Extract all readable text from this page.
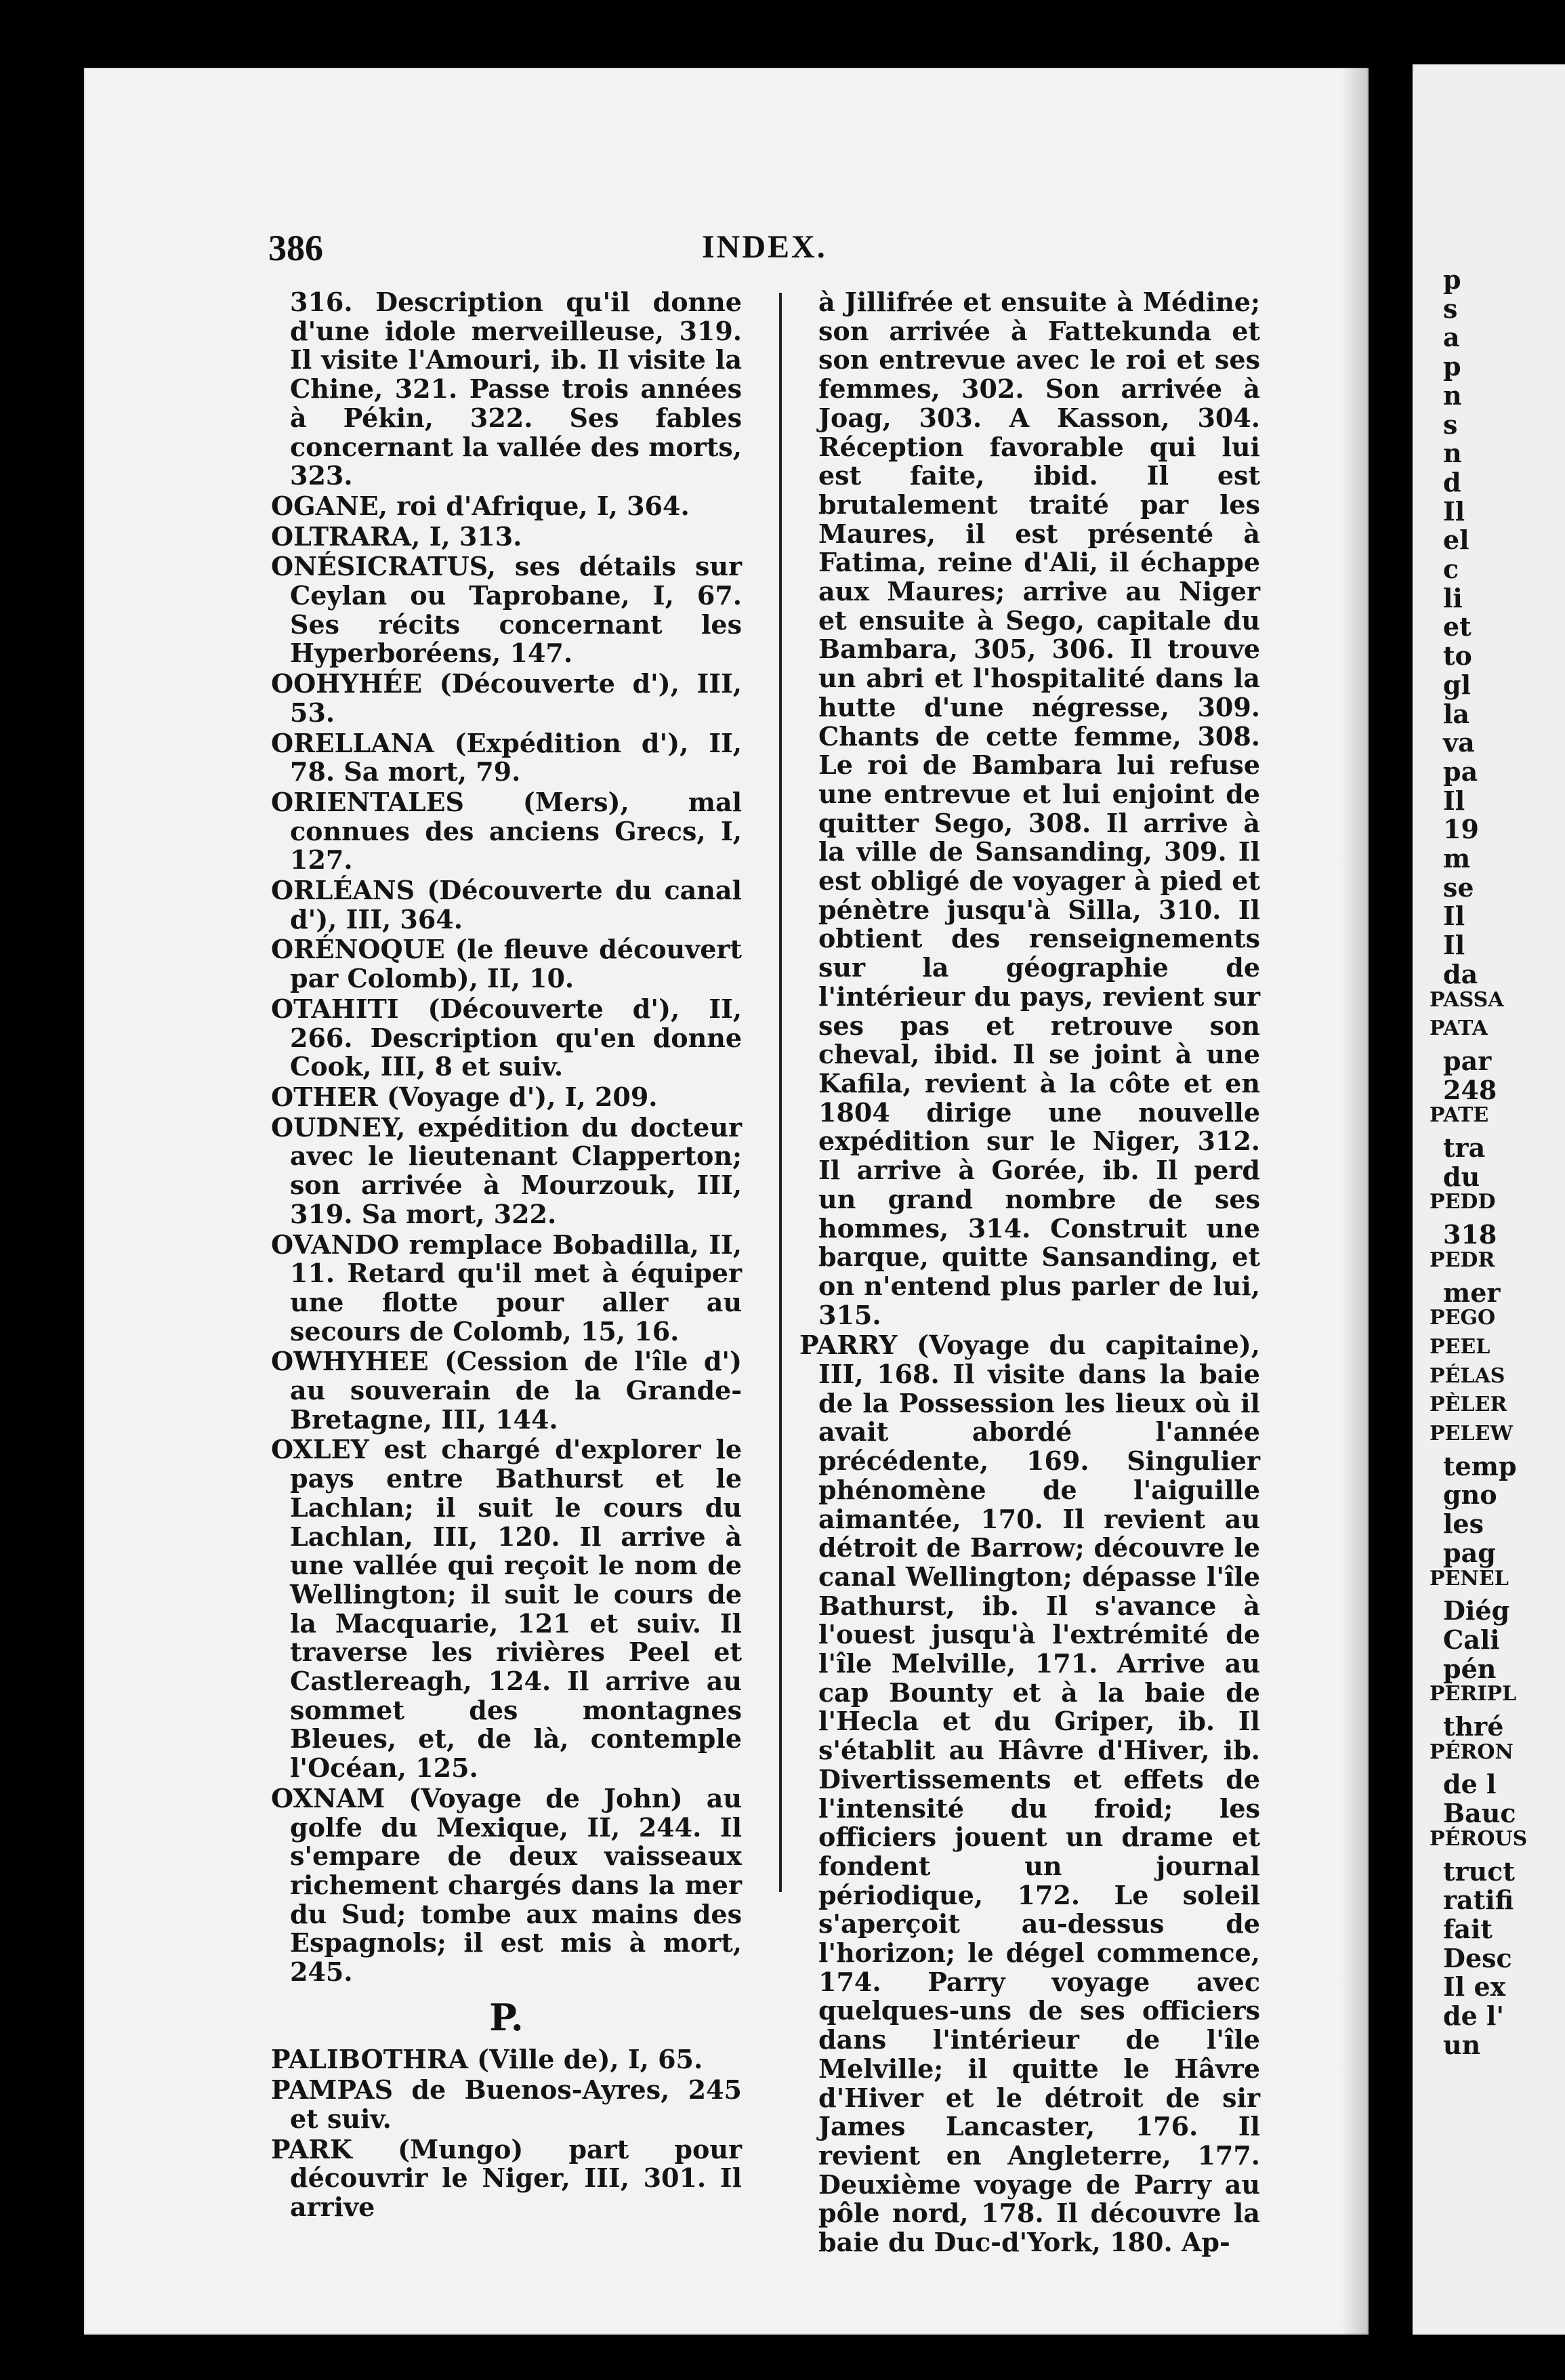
386	INDEX.

316. Description qu'il donne d'une idole merveilleuse, 319. Il visite l'Amouri, ib. Il visite la Chine, 321. Passe trois années à Pékin, 322. Ses fables concernant la vallée des morts, 323.

OGANE, roi d'Afrique, I, 364.

OLTRARA, I, 313.

ONÉSICRATUS, ses détails sur Ceylan ou Taprobane, I, 67. Ses récits concernant les Hyperboréens, 147.

OOHYHÉE (Découverte d'), III, 53.

ORELLANA (Expédition d'), II, 78. Sa mort, 79.

ORIENTALES (Mers), mal connues des anciens Grecs, I, 127.

ORLÉANS (Découverte du canal d'), III, 364.

ORÉNOQUE (le fleuve découvert par Colomb), II, 10.

OTAHITI (Découverte d'), II, 266. Description qu'en donne Cook, III, 8 et suiv.

OTHER (Voyage d'), I, 209.

OUDNEY, expédition du docteur avec le lieutenant Clapperton; son arrivée à Mourzouk, III, 319. Sa mort, 322.

OVANDO remplace Bobadilla, II, 11. Retard qu'il met à équiper une flotte pour aller au secours de Colomb, 15, 16.

OWHYHEE (Cession de l'île d') au souverain de la Grande-Bretagne, III, 144.

OXLEY est chargé d'explorer le pays entre Bathurst et le Lachlan; il suit le cours du Lachlan, III, 120. Il arrive à une vallée qui reçoit le nom de Wellington; il suit le cours de la Macquarie, 121 et suiv. Il traverse les rivières Peel et Castlereagh, 124. Il arrive au sommet des montagnes Bleues, et, de là, contemple l'Océan, 125.

OXNAM (Voyage de John) au golfe du Mexique, II, 244. Il s'empare de deux vaisseaux richement chargés dans la mer du Sud; tombe aux mains des Espagnols; il est mis à mort, 245.

P.

PALIBOTHRA (Ville de), I, 65.

PAMPAS de Buenos-Ayres, 245 et suiv.

PARK (Mungo) part pour découvrir le Niger, III, 301. Il arrive

à Jillifrée et ensuite à Médine; son arrivée à Fattekunda et son entrevue avec le roi et ses femmes, 302. Son arrivée à Joag, 303. A Kasson, 304. Réception favorable qui lui est faite, ibid. Il est brutalement traité par les Maures, il est présenté à Fatima, reine d'Ali, il échappe aux Maures; arrive au Niger et ensuite à Sego, capitale du Bambara, 305, 306. Il trouve un abri et l'hospitalité dans la hutte d'une négresse, 309. Chants de cette femme, 308. Le roi de Bambara lui refuse une entrevue et lui enjoint de quitter Sego, 308. Il arrive à la ville de Sansanding, 309. Il est obligé de voyager à pied et pénètre jusqu'à Silla, 310. Il obtient des renseignements sur la géographie de l'intérieur du pays, revient sur ses pas et retrouve son cheval, ibid. Il se joint à une Kafila, revient à la côte et en 1804 dirige une nouvelle expédition sur le Niger, 312. Il arrive à Gorée, ib. Il perd un grand nombre de ses hommes, 314. Construit une barque, quitte Sansanding, et on n'entend plus parler de lui, 315.

PARRY (Voyage du capitaine), III, 168. Il visite dans la baie de la Possession les lieux où il avait abordé l'année précédente, 169. Singulier phénomène de l'aiguille aimantée, 170. Il revient au détroit de Barrow; découvre le canal Wellington; dépasse l'île Bathurst, ib. Il s'avance à l'ouest jusqu'à l'extrémité de l'île Melville, 171. Arrive au cap Bounty et à la baie de l'Hecla et du Griper, ib. Il s'établit au Hâvre d'Hiver, ib. Divertissements et effets de l'intensité du froid; les officiers jouent un drame et fondent un journal périodique, 172. Le soleil s'aperçoit au-dessus de l'horizon; le dégel commence, 174. Parry voyage avec quelques-uns de ses officiers dans l'intérieur de l'île Melville; il quitte le Hâvre d'Hiver et le détroit de sir James Lancaster, 176. Il revient en Angleterre, 177. Deuxième voyage de Parry au pôle nord, 178. Il découvre la baie du Duc-d'York, 180. Ap-

p
s
a
p
n
s
n
d
Il
el
c
li
et
to
gl
la
va
pa
Il
19
m
se
Il
Il
da
PASSA
PATA
par
248
PATE
tra
du
PEDD
318
PEDR
mer
PEGO
PEEL
PÉLAS
PÈLER
PELEW
temp
gno
les
pag
PENEL
Diég
Cali
pén
PERIPL
thré
PÉRON
de l
Bauc
PÉROUS
truct
ratifi
fait
Desc
Il ex
de l'
un
